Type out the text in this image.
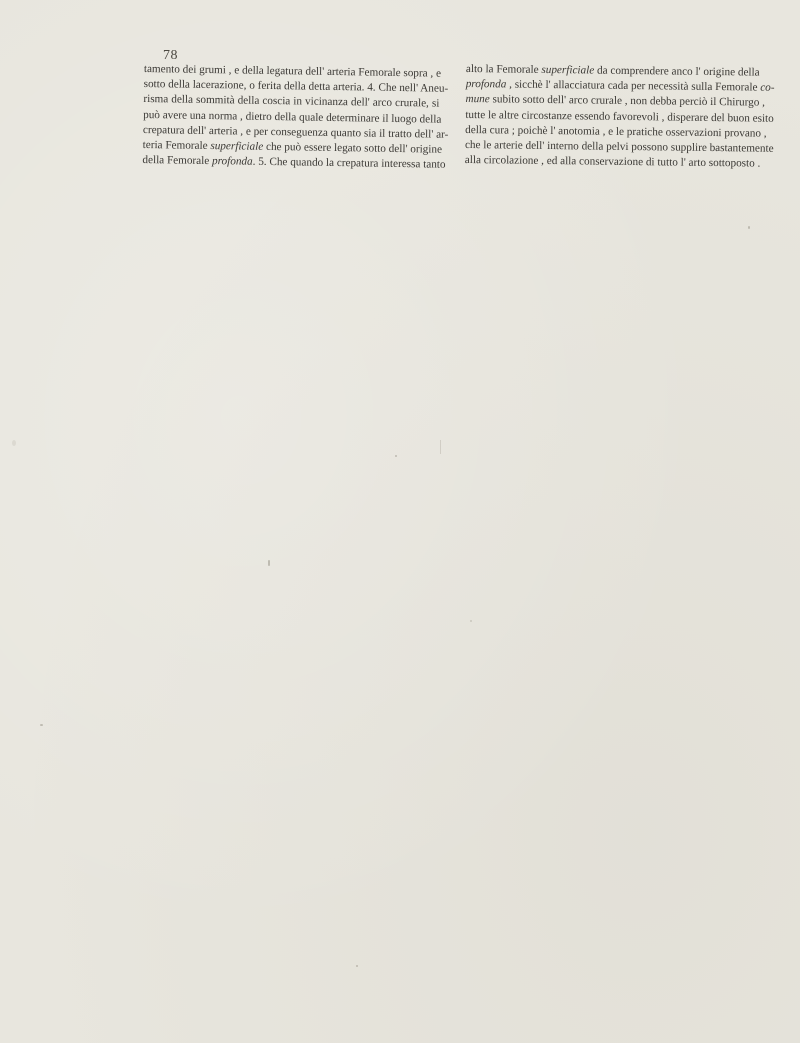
78
tamento dei grumi , e della legatura dell' arteria Femorale sopra , e
sotto della lacerazione, o ferita della detta arteria. 4. Che nell' Aneu-
risma della sommità della coscia in vicinanza dell' arco crurale, si
può avere una norma , dietro della quale determinare il luogo della
crepatura dell' arteria , e per conseguenza quanto sia il tratto dell' ar-
teria Femorale superficiale che può essere legato sotto dell' origine
della Femorale profonda. 5. Che quando la crepatura interessa tanto
alto la Femorale superficiale da comprendere anco l' origine della
profonda , sicchè l' allacciatura cada per necessità sulla Femorale co-
mune subito sotto dell' arco crurale , non debba perciò il Chirurgo ,
tutte le altre circostanze essendo favorevoli , disperare del buon esito
della cura ; poichè l' anotomia , e le pratiche osservazioni provano ,
che le arterie dell' interno della pelvi possono supplire bastantemente
alla circolazione , ed alla conservazione di tutto l' arto sottoposto .
